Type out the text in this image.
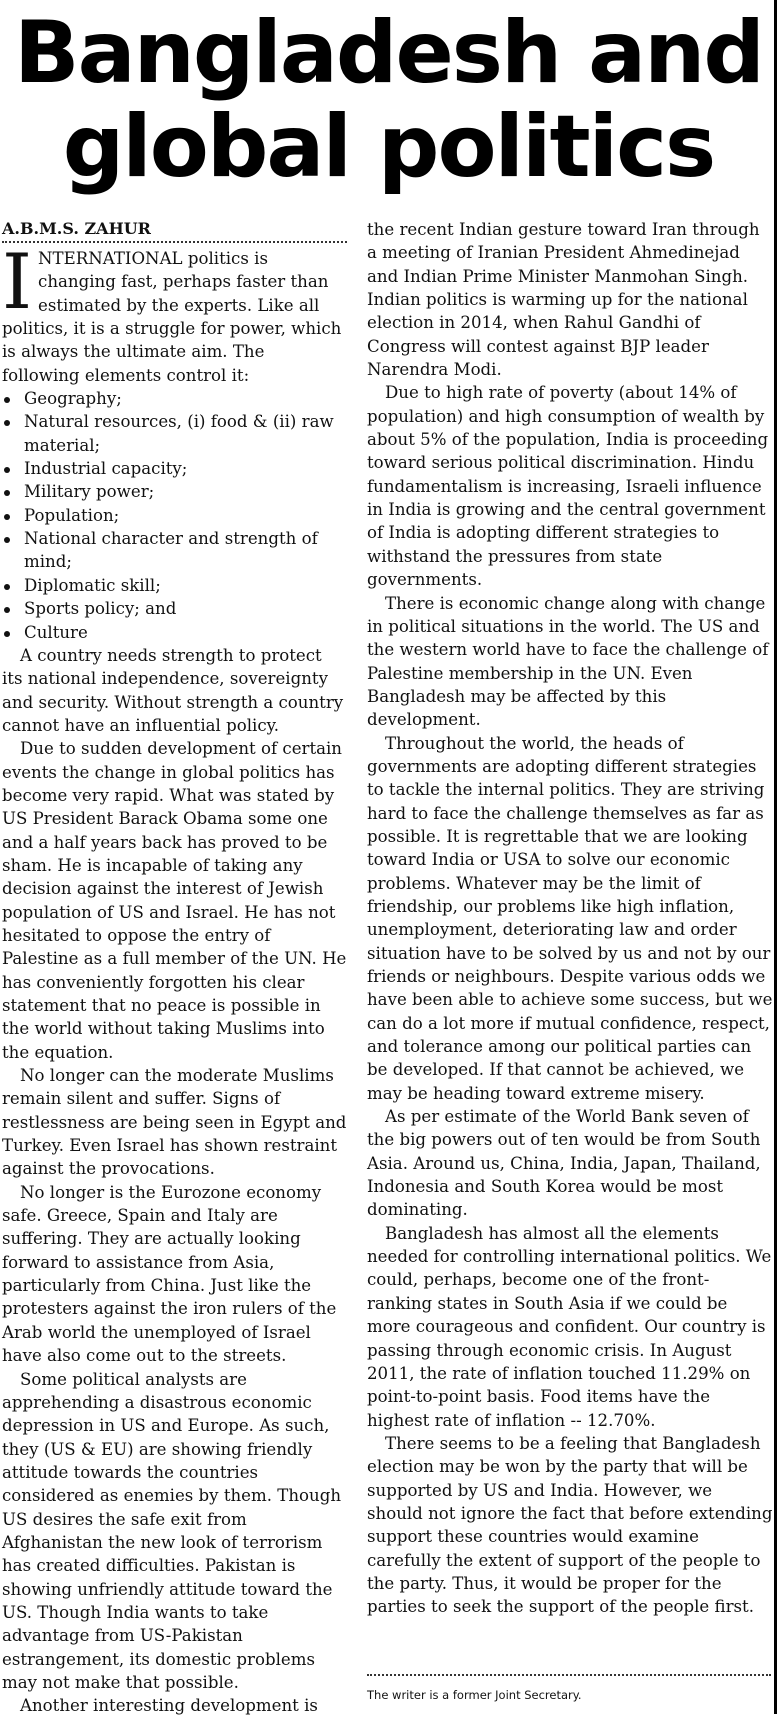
Bangladesh and global politics
A.B.M.S. ZAHUR

INTERNATIONAL politics is changing fast, perhaps faster than estimated by the experts. Like all politics, it is a struggle for power, which is always the ultimate aim. The following elements control it:

Geography;
Natural resources, (i) food & (ii) raw material;
Industrial capacity;
Military power;
Population;
National character and strength of mind;
Diplomatic skill;
Sports policy; and
Culture

A country needs strength to protect its national independence, sovereignty and security. Without strength a country cannot have an influential policy.

Due to sudden development of certain events the change in global politics has become very rapid. What was stated by US President Barack Obama some one and a half years back has proved to be sham. He is incapable of taking any decision against the interest of Jewish population of US and Israel. He has not hesitated to oppose the entry of Palestine as a full member of the UN. He has conveniently forgotten his clear statement that no peace is possible in the world without taking Muslims into the equation.

No longer can the moderate Muslims remain silent and suffer. Signs of restlessness are being seen in Egypt and Turkey. Even Israel has shown restraint against the provocations.

No longer is the Eurozone economy safe. Greece, Spain and Italy are suffering. They are actually looking forward to assistance from Asia, particularly from China. Just like the protesters against the iron rulers of the Arab world the unemployed of Israel have also come out to the streets.

Some political analysts are apprehending a disastrous economic depression in US and Europe. As such, they (US & EU) are showing friendly attitude towards the countries considered as enemies by them. Though US desires the safe exit from Afghanistan the new look of terrorism has created difficulties. Pakistan is showing unfriendly attitude toward the US. Though India wants to take advantage from US-Pakistan estrangement, its domestic problems may not make that possible.

Another interesting development is

the recent Indian gesture toward Iran through a meeting of Iranian President Ahmedinejad and Indian Prime Minister Manmohan Singh. Indian politics is warming up for the national election in 2014, when Rahul Gandhi of Congress will contest against BJP leader Narendra Modi.

Due to high rate of poverty (about 14% of population) and high consumption of wealth by about 5% of the population, India is proceeding toward serious political discrimination. Hindu fundamentalism is increasing, Israeli influence in India is growing and the central government of India is adopting different strategies to withstand the pressures from state governments.

There is economic change along with change in political situations in the world. The US and the western world have to face the challenge of Palestine membership in the UN. Even Bangladesh may be affected by this development.

Throughout the world, the heads of governments are adopting different strategies to tackle the internal politics. They are striving hard to face the challenge themselves as far as possible. It is regrettable that we are looking toward India or USA to solve our economic problems. Whatever may be the limit of friendship, our problems like high inflation, unemployment, deteriorating law and order situation have to be solved by us and not by our friends or neighbours. Despite various odds we have been able to achieve some success, but we can do a lot more if mutual confidence, respect, and tolerance among our political parties can be developed. If that cannot be achieved, we may be heading toward extreme misery.

As per estimate of the World Bank seven of the big powers out of ten would be from South Asia. Around us, China, India, Japan, Thailand, Indonesia and South Korea would be most dominating.

Bangladesh has almost all the elements needed for controlling international politics. We could, perhaps, become one of the front-ranking states in South Asia if we could be more courageous and confident. Our country is passing through economic crisis. In August 2011, the rate of inflation touched 11.29% on point-to-point basis. Food items have the highest rate of inflation -- 12.70%.

There seems to be a feeling that Bangladesh election may be won by the party that will be supported by US and India. However, we should not ignore the fact that before extending support these countries would examine carefully the extent of support of the people to the party. Thus, it would be proper for the parties to seek the support of the people first.

The writer is a former Joint Secretary.
